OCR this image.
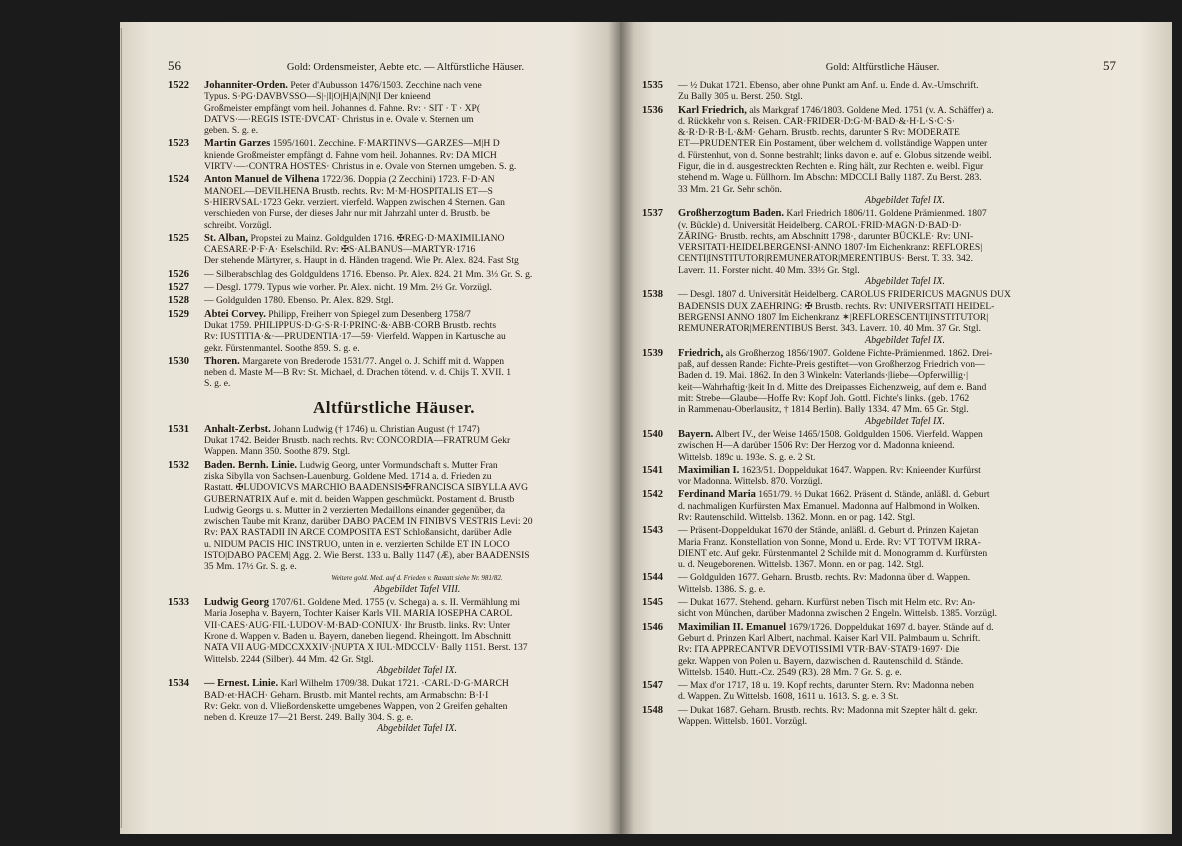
56	Gold: Ordensmeister, Aebte etc. — Altfürstliche Häuser.
1522	Johanniter-Orden. Peter d'Aubusson 1476/1503. Zecchine nach vene
Typus. S·PG·DAVBVSSO—S|·|I|O|H|A|N|N|I Der knieend
Großmeister empfängt vom heil. Johannes d. Fahne. Rv: · SIT · T · XP(
DATVS·—·REGIS ISTE·DVCAT· Christus in e. Ovale v. Sternen um
geben. S. g. e.
1523	Martin Garzes 1595/1601. Zecchine. F·MARTINVS—GARZES—M|H D
kniende Großmeister empfängt d. Fahne vom heil. Johannes. Rv: DA MICH
VIRTV·—·CONTRA HOSTES· Christus in e. Ovale von Sternen umgeben. S. g.
1524	Anton Manuel de Vilhena 1722/36. Doppia (2 Zecchini) 1723. F·D·AN
MANOEL—DEVILHENA Brustb. rechts. Rv: M·M·HOSPITALIS ET—S
S·HIERVSAL·1723 Gekr. verziert. vierfeld. Wappen zwischen 4 Sternen. Gan
verschieden von Furse, der dieses Jahr nur mit Jahrzahl unter d. Brustb. be
schreibt. Vorzügl.
1525	St. Alban, Propstei zu Mainz. Goldgulden 1716. ✠REG·D·MAXIMILIANO
CAESARE·P·F·A· Eselschild. Rv: ✠S·ALBANUS—MARTYR·1716
Der stehende Märtyrer, s. Haupt in d. Händen tragend. Wie Pr. Alex. 824. Fast Stg
1526	— Silberabschlag des Goldguldens 1716. Ebenso. Pr. Alex. 824. 21 Mm. 3⅓ Gr. S. g.
1527	— Desgl. 1779. Typus wie vorher. Pr. Alex. nicht. 19 Mm. 2½ Gr. Vorzügl.
1528	— Goldgulden 1780. Ebenso. Pr. Alex. 829. Stgl.
1529	Abtei Corvey. Philipp, Freiherr von Spiegel zum Desenberg 1758/7
Dukat 1759. PHILIPPUS·D·G·S·R·I·PRINC·&·ABB·CORB Brustb. rechts
Rv: IUSTITIA·&·—PRUDENTIA·17—59· Vierfeld. Wappen in Kartusche au
gekr. Fürstenmantel. Soothe 859. S. g. e.
1530	Thoren. Margarete von Brederode 1531/77. Angel o. J. Schiff mit d. Wappen
neben d. Maste M—B Rv: St. Michael, d. Drachen tötend. v. d. Chijs T. XVII. 1
S. g. e.
Altfürstliche Häuser.
1531	Anhalt-Zerbst. Johann Ludwig († 1746) u. Christian August († 1747)
Dukat 1742. Beider Brustb. nach rechts. Rv: CONCORDIA—FRATRUM Gekr
Wappen. Mann 350. Soothe 879. Stgl.
1532	Baden. Bernh. Linie. Ludwig Georg, unter Vormundschaft s. Mutter Fran
ziska Sibylla von Sachsen-Lauenburg. Goldene Med. 1714 a. d. Frieden zu
Rastatt. ✠LUDOVICVS MARCHIO BAADENSIS✠FRANCISCA SIBYLLA AVG
GUBERNATRIX Auf e. mit d. beiden Wappen geschmückt. Postament d. Brustb
Ludwig Georgs u. s. Mutter in 2 verzierten Medaillons einander gegenüber, da
zwischen Taube mit Kranz, darüber DABO PACEM IN FINIBVS VESTRIS Levi: 20
Rv: PAX RASTADII IN ARCE COMPOSITA EST Schloßansicht, darüber Adle
u. NIDUM PACIS HIC INSTRUO, unten in e. verzierten Schilde ET IN LOCO
ISTO|DABO PACEM| Agg. 2. Wie Berst. 133 u. Bally 1147 (Æ), aber BAADENSIS
35 Mm. 17½ Gr. S. g. e.
Weitere gold. Med. auf d. Frieden v. Rastatt siehe Nr. 981/82.
Abgebildet Tafel VIII.
1533	Ludwig Georg 1707/61. Goldene Med. 1755 (v. Schega) a. s. II. Vermählung mi
Maria Josepha v. Bayern, Tochter Kaiser Karls VII. MARIA IOSEPHA CAROL
VII·CAES·AUG·FIL·LUDOV·M·BAD·CONIUX· Ihr Brustb. links. Rv: Unter
Krone d. Wappen v. Baden u. Bayern, daneben liegend. Rheingott. Im Abschnitt
NATA VII AUG·MDCCXXXIV·|NUPTA X IUL·MDCCLV· Bally 1151. Berst. 137
Wittelsb. 2244 (Silber). 44 Mm. 42 Gr. Stgl.
Abgebildet Tafel IX.
1534	— Ernest. Linie. Karl Wilhelm 1709/38. Dukat 1721. ·CARL·D·G·MARCH
BAD·et·HACH· Geharn. Brustb. mit Mantel rechts, am Armabschn: B·I·I
Rv: Gekr. von d. Vließordenskette umgebenes Wappen, von 2 Greifen gehalten
neben d. Kreuze 17—21 Berst. 249. Bally 304. S. g. e.
Abgebildet Tafel IX.
Gold: Altfürstliche Häuser.	57
1535	— ½ Dukat 1721. Ebenso, aber ohne Punkt am Anf. u. Ende d. Av.-Umschrift.
Zu Bally 305 u. Berst. 250. Stgl.
1536	Karl Friedrich, als Markgraf 1746/1803. Goldene Med. 1751 (v. A. Schäffer) a.
d. Rückkehr von s. Reisen. CAR·FRIDER·D:G·M·BAD·&·H·L·S·C·S·
&·R·D·R·B·L·&M· Geharn. Brustb. rechts, darunter S Rv: MODERATE
ET—PRUDENTER Ein Postament, über welchem d. vollständige Wappen unter
d. Fürstenhut, von d. Sonne bestrahlt; links davon e. auf e. Globus sitzende weibl.
Figur, die in d. ausgestreckten Rechten e. Ring hält, zur Rechten e. weibl. Figur
stehend m. Wage u. Füllhorn. Im Abschn: MDCCLI Bally 1187. Zu Berst. 283.
33 Mm. 21 Gr. Sehr schön.
Abgebildet Tafel IX.
1537	Großherzogtum Baden. Karl Friedrich 1806/11. Goldene Prämienmed. 1807
(v. Bückle) d. Universität Heidelberg. CAROL·FRID·MAGN·D·BAD·D·
ZÄRING· Brustb. rechts, am Abschnitt 1798·, darunter BÜCKLE· Rv: UNI-
VERSITATI·HEIDELBERGENSI·ANNO 1807·Im Eichenkranz: REFLORES|
CENTI|INSTITUTOR|REMUNERATOR|MERENTIBUS· Berst. T. 33. 342.
Laverr. 11. Forster nicht. 40 Mm. 33½ Gr. Stgl.
Abgebildet Tafel IX.
1538	— Desgl. 1807 d. Universität Heidelberg. CAROLUS FRIDERICUS MAGNUS DUX
BADENSIS DUX ZAEHRING: ✠ Brustb. rechts. Rv: UNIVERSITATI HEIDEL-
BERGENSI ANNO 1807 Im Eichenkranz ✶|REFLORESCENTI|INSTITUTOR|
REMUNERATOR|MERENTIBUS Berst. 343. Laverr. 10. 40 Mm. 37 Gr. Stgl.
Abgebildet Tafel IX.
1539	Friedrich, als Großherzog 1856/1907. Goldene Fichte-Prämienmed. 1862. Drei-
paß, auf dessen Rande: Fichte-Preis gestiftet—von Großherzog Friedrich von—
Baden d. 19. Mai. 1862. In den 3 Winkeln: Vaterlands·|liebe—Opferwillig·|
keit—Wahrhaftig·|keit In d. Mitte des Dreipasses Eichenzweig, auf dem e. Band
mit: Strebe—Glaube—Hoffe Rv: Kopf Joh. Gottl. Fichte's links. (geb. 1762
in Rammenau-Oberlausitz, † 1814 Berlin). Bally 1334. 47 Mm. 65 Gr. Stgl.
Abgebildet Tafel IX.
1540	Bayern. Albert IV., der Weise 1465/1508. Goldgulden 1506. Vierfeld. Wappen
zwischen H—A darüber 1506 Rv: Der Herzog vor d. Madonna knieend.
Wittelsb. 189c u. 193e. S. g. e. 2 St.
1541	Maximilian I. 1623/51. Doppeldukat 1647. Wappen. Rv: Knieender Kurfürst
vor Madonna. Wittelsb. 870. Vorzügl.
1542	Ferdinand Maria 1651/79. ½ Dukat 1662. Präsent d. Stände, anläßl. d. Geburt
d. nachmaligen Kurfürsten Max Emanuel. Madonna auf Halbmond in Wolken.
Rv: Rautenschild. Wittelsb. 1362. Monn. en or pag. 142. Stgl.
1543	— Präsent-Doppeldukat 1670 der Stände, anläßl. d. Geburt d. Prinzen Kajetan
Maria Franz. Konstellation von Sonne, Mond u. Erde. Rv: VT TOTVM IRRA-
DIENT etc. Auf gekr. Fürstenmantel 2 Schilde mit d. Monogramm d. Kurfürsten
u. d. Neugeborenen. Wittelsb. 1367. Monn. en or pag. 142. Stgl.
1544	— Goldgulden 1677. Geharn. Brustb. rechts. Rv: Madonna über d. Wappen.
Wittelsb. 1386. S. g. e.
1545	— Dukat 1677. Stehend. geharn. Kurfürst neben Tisch mit Helm etc. Rv: An-
sicht von München, darüber Madonna zwischen 2 Engeln. Wittelsb. 1385. Vorzügl.
1546	Maximilian II. Emanuel 1679/1726. Doppeldukat 1697 d. bayer. Stände auf d.
Geburt d. Prinzen Karl Albert, nachmal. Kaiser Karl VII. Palmbaum u. Schrift.
Rv: ITA APPRECANTVR DEVOTISSIMI VTR·BAV·STAT9·1697· Die
gekr. Wappen von Polen u. Bayern, dazwischen d. Rautenschild d. Stände.
Wittelsb. 1540. Hutt.-Cz. 2549 (R3). 28 Mm. 7 Gr. S. g. e.
1547	— Max d'or 1717, 18 u. 19. Kopf rechts, darunter Stern. Rv: Madonna neben
d. Wappen. Zu Wittelsb. 1608, 1611 u. 1613. S. g. e. 3 St.
1548	— Dukat 1687. Geharn. Brustb. rechts. Rv: Madonna mit Szepter hält d. gekr.
Wappen. Wittelsb. 1601. Vorzügl.
